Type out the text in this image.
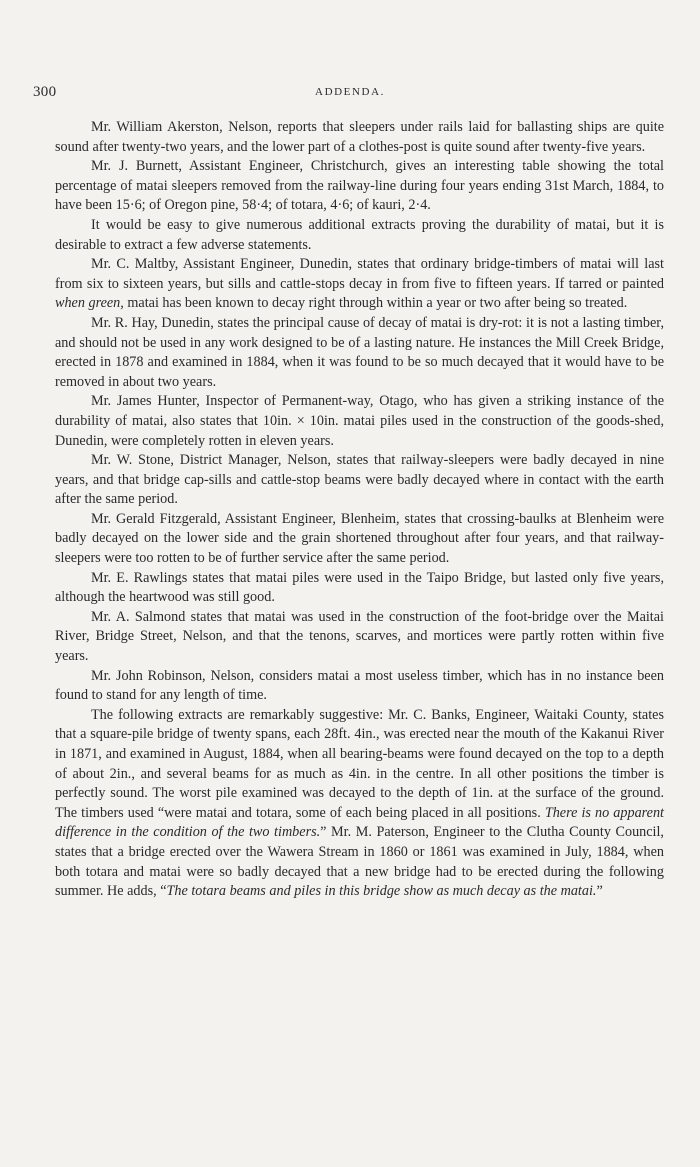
300	ADDENDA.

Mr. William Akerston, Nelson, reports that sleepers under rails laid for ballasting ships are quite sound after twenty-two years, and the lower part of a clothes-post is quite sound after twenty-five years.

Mr. J. Burnett, Assistant Engineer, Christchurch, gives an interesting table showing the total percentage of matai sleepers removed from the railway-line during four years ending 31st March, 1884, to have been 15·6; of Oregon pine, 58·4; of totara, 4·6; of kauri, 2·4.

It would be easy to give numerous additional extracts proving the durability of matai, but it is desirable to extract a few adverse statements.

Mr. C. Maltby, Assistant Engineer, Dunedin, states that ordinary bridge-timbers of matai will last from six to sixteen years, but sills and cattle-stops decay in from five to fifteen years. If tarred or painted when green, matai has been known to decay right through within a year or two after being so treated.

Mr. R. Hay, Dunedin, states the principal cause of decay of matai is dry-rot: it is not a lasting timber, and should not be used in any work designed to be of a lasting nature. He instances the Mill Creek Bridge, erected in 1878 and examined in 1884, when it was found to be so much decayed that it would have to be removed in about two years.

Mr. James Hunter, Inspector of Permanent-way, Otago, who has given a striking instance of the durability of matai, also states that 10in. × 10in. matai piles used in the construction of the goods-shed, Dunedin, were completely rotten in eleven years.

Mr. W. Stone, District Manager, Nelson, states that railway-sleepers were badly decayed in nine years, and that bridge cap-sills and cattle-stop beams were badly decayed where in contact with the earth after the same period.

Mr. Gerald Fitzgerald, Assistant Engineer, Blenheim, states that crossing-baulks at Blenheim were badly decayed on the lower side and the grain shortened throughout after four years, and that railway-sleepers were too rotten to be of further service after the same period.

Mr. E. Rawlings states that matai piles were used in the Taipo Bridge, but lasted only five years, although the heartwood was still good.

Mr. A. Salmond states that matai was used in the construction of the foot-bridge over the Maitai River, Bridge Street, Nelson, and that the tenons, scarves, and mortices were partly rotten within five years.

Mr. John Robinson, Nelson, considers matai a most useless timber, which has in no instance been found to stand for any length of time.

The following extracts are remarkably suggestive: Mr. C. Banks, Engineer, Waitaki County, states that a square-pile bridge of twenty spans, each 28ft. 4in., was erected near the mouth of the Kakanui River in 1871, and examined in August, 1884, when all bearing-beams were found decayed on the top to a depth of about 2in., and several beams for as much as 4in. in the centre. In all other positions the timber is perfectly sound. The worst pile examined was decayed to the depth of 1in. at the surface of the ground. The timbers used “were matai and totara, some of each being placed in all positions. There is no apparent difference in the condition of the two timbers.” Mr. M. Paterson, Engineer to the Clutha County Council, states that a bridge erected over the Wawera Stream in 1860 or 1861 was examined in July, 1884, when both totara and matai were so badly decayed that a new bridge had to be erected during the following summer. He adds, “The totara beams and piles in this bridge show as much decay as the matai.”
